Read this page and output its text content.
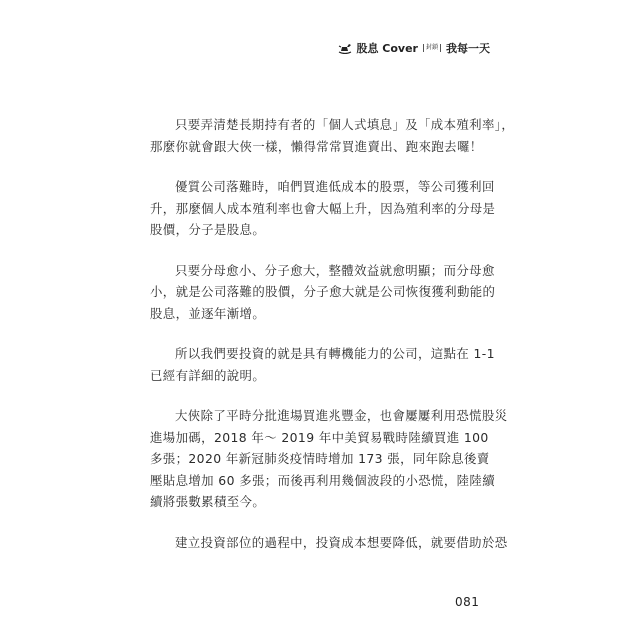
股息 Cover	封鎖 我每一天

只要弄清楚長期持有者的「個人式填息」及「成本殖利率」，
那麼你就會跟大俠一樣，懶得常常買進賣出、跑來跑去囉！

優質公司落難時，咱們買進低成本的股票，等公司獲利回
升，那麼個人成本殖利率也會大幅上升，因為殖利率的分母是
股價，分子是股息。

只要分母愈小、分子愈大，整體效益就愈明顯；而分母愈
小，就是公司落難的股價，分子愈大就是公司恢復獲利動能的
股息，並逐年漸增。

所以我們要投資的就是具有轉機能力的公司，這點在 1-1
已經有詳細的說明。

大俠除了平時分批進場買進兆豐金，也會屢屢利用恐慌股災
進場加碼，2018 年～ 2019 年中美貿易戰時陸續買進 100
多張；2020 年新冠肺炎疫情時增加 173 張，同年除息後賣
壓貼息增加 60 多張；而後再利用幾個波段的小恐慌，陸陸續
續將張數累積至今。

建立投資部位的過程中，投資成本想要降低，就要借助於恐

081
